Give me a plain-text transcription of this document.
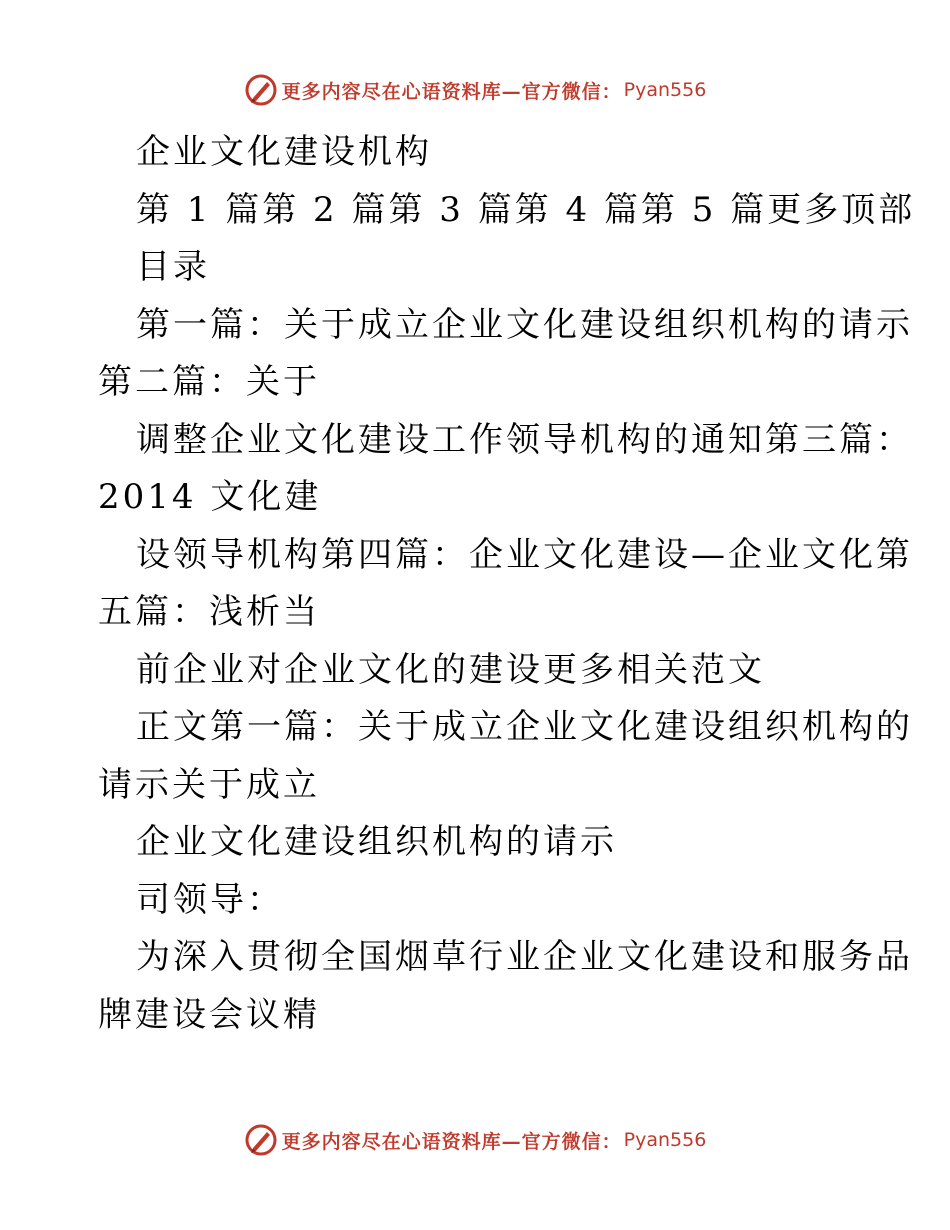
更多内容尽在心语资料库—官方微信： Pyan556
企业文化建设机构
第 1 篇第 2 篇第 3 篇第 4 篇第 5 篇更多顶部
目录
第一篇：关于成立企业文化建设组织机构的请示
第二篇：关于
调整企业文化建设工作领导机构的通知第三篇：
2014 文化建
设领导机构第四篇：企业文化建设—企业文化第
五篇：浅析当
前企业对企业文化的建设更多相关范文
正文第一篇：关于成立企业文化建设组织机构的
请示关于成立
企业文化建设组织机构的请示
司领导：
为深入贯彻全国烟草行业企业文化建设和服务品
牌建设会议精
更多内容尽在心语资料库—官方微信： Pyan556
